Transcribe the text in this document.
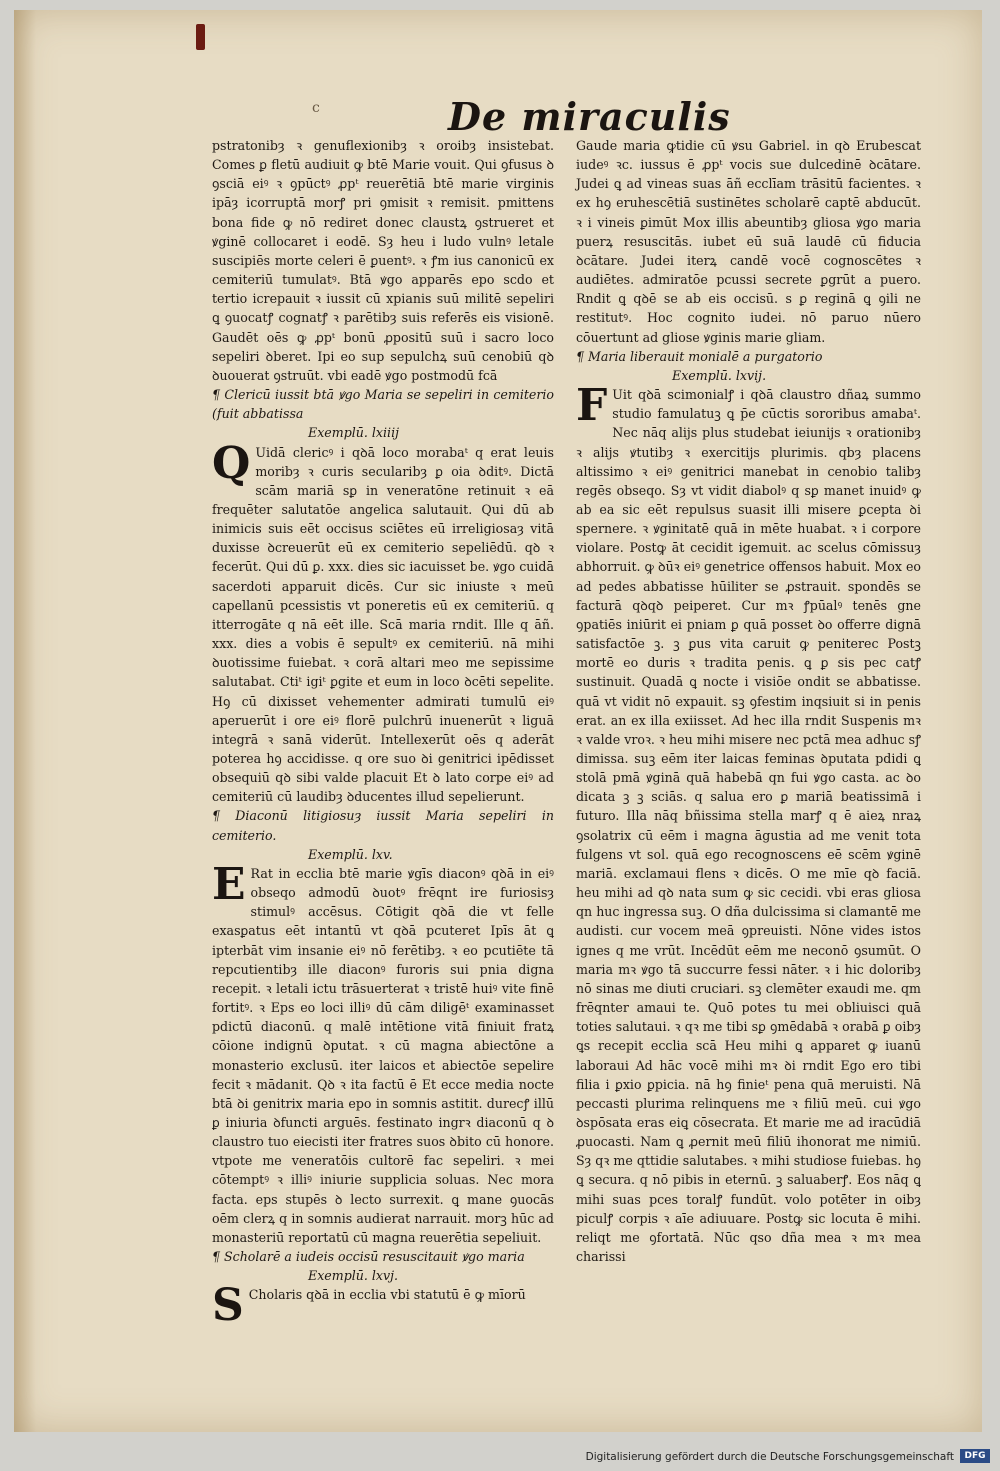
c	De miraculis

pstratonibȝ ꝛ genuflexionibȝ ꝛ oroibȝ insistebat. Comes ꝑ fletū audiuit ꝙ btē Marie vouit. Qui ꝯfusus ꝺ ꝯsciā eiꝰ ꝛ ꝯpūctꝰ ꝓpᵗ reuerētiā btē marie virginis ipāȝ icorruptā morꝭ pri ꝯmisit ꝛ remisit. pmittens bona fide ꝙ nō rediret donec claustꝝ ꝯstrueret et ꝟginē collocaret i eodē. Sȝ heu i ludo vulnꝰ letale suscipiēs morte celeri ē ꝑuentꝰ. ꝛ ꝭm ius canonicū ex cemiteriū tumulatꝰ. Btā ꝟgo apparēs epo scdo et tertio icrepauit ꝛ iussit cū xpianis suū militē sepeliri ꝗ ꝯuocatꝭ cognatꝭ ꝛ parētibȝ suis referēs eis visionē. Gaudēt oēs ꝙ ꝓpᵗ bonū ꝓpositū suū i sacro loco sepeliri ꝺberet. Ipi eo sup sepulchꝝ suū cenobiū qꝺ ꝺuouerat ꝯstruūt. vbi eadē ꝟgo postmodū fcā

¶ Clericū iussit btā ꝟgo Maria se sepeliri in cemiterio (fuit abbatissa
Exemplū. lxiiij

Q Uidā clericꝰ i qꝺā loco morabaᵗ q erat leuis moribȝ ꝛ curis secularibȝ ꝑ oia ꝺditꝰ. Dictā scām mariā sꝑ in veneratōne retinuit ꝛ eā frequēter salutatōe angelica salutauit. Qui dū ab inimicis suis eēt occisus sciētes eū irreligiosaȝ vitā duxisse ꝺcreuerūt eū ex cemiterio sepeliēdū. qꝺ ꝛ fecerūt. Qui dū ꝑ. xxx. dies sic iacuisset be. ꝟgo cuidā sacerdoti apparuit dicēs. Cur sic iniuste ꝛ meū capellanū pcessistis vt poneretis eū ex cemiteriū. q itterrogāte q nā eēt ille. Scā maria rndit. Ille q āñ. xxx. dies a vobis ē sepultꝰ ex cemiteriū. nā mihi ꝺuotissime fuiebat. ꝛ corā altari meo me sepissime salutabat. Ctiᵗ igiᵗ ꝑgite et eum in loco ꝺcēti sepelite. Hꝯ cū dixisset vehementer admirati tumulū eiꝰ aperuerūt i ore eiꝰ florē pulchrū inuenerūt ꝛ liguā integrā ꝛ sanā viderūt. Intellexerūt oēs q aderāt poterea hꝯ accidisse. q ore suo ꝺi genitrici ipēdisset obsequiū qꝺ sibi valde placuit Et ꝺ lato corpe eiꝰ ad cemiteriū cū laudibȝ ꝺducentes illud sepelierunt.

¶ Diaconū litigiosuȝ iussit Maria sepeliri in cemiterio.
Exemplū. lxv.

E Rat in ecclia btē marie ꝟgīs diaconꝰ qꝺā in eiꝰ obseqo admodū ꝺuotꝰ frēqnt ire furiosisȝ stimulꝰ accēsus. Cōtigit qꝺā die vt felle exasꝑatus eēt intantū vt qꝺā pcuteret Ipīs āt ꝗ ipterbāt vim insanie eiꝰ nō ferētibȝ. ꝛ eo pcutiēte tā repcutientibȝ ille diaconꝰ furoris sui pnia digna recepit. ꝛ letali ictu trāsuerterat ꝛ tristē huiꝰ vite finē fortitꝰ. ꝛ Eps eo loci illiꝰ dū cām diligēᵗ examinasset pdictū diaconū. q malē intētione vitā finiuit fratꝝ cōione indignū ꝺputat. ꝛ cū magna abiectōne a monasterio exclusū. iter laicos et abiectōe sepelire fecit ꝛ mādanit. Qꝺ ꝛ ita factū ē Et ecce media nocte btā ꝺi genitrix maria epo in somnis astitit. durecꝭ illū ꝑ iniuria ꝺfuncti arguēs. festinato ingrꝛ diaconū q ꝺ claustro tuo eiecisti iter fratres suos ꝺbito cū honore. vtpote me veneratōis cultorē fac sepeliri. ꝛ mei cōtemptꝰ ꝛ illiꝰ iniurie supplicia soluas. Nec mora facta. eps stupēs ꝺ lecto surrexit. ꝗ mane ꝯuocās oēm clerꝝ q in somnis audierat narrauit. morꝫ hūc ad monasteriū reportatū cū magna reuerētia sepeliuit.

¶ Scholarē a iudeis occisū resuscitauit ꝟgo maria
Exemplū. lxvj.

S Cholaris qꝺā in ecclia vbi statutū ē ꝙ mīorū

Gaude maria ꝙtidie cū ꝟsu Gabriel. in qꝺ Erubescat iudeꝰ ꝛc. iussus ē ꝓpᵗ vocis sue dulcedinē ꝺcātare. Judei ꝗ ad vineas suas āñ ecclīam trāsitū facientes. ꝛ ex hꝯ eruhescētiā sustinētes scholarē captē abducūt. ꝛ i vineis ꝑimūt Mox illis abeuntibȝ gliosa ꝟgo maria puerꝝ resuscitās. iubet eū suā laudē cū fiducia ꝺcātare. Judei iterꝝ candē vocē cognoscētes ꝛ audiētes. admiratōe pcussi secrete ꝑgrūt a puero. Rndit ꝗ qꝺē se ab eis occisū. s ꝑ reginā ꝗ ꝯili ne restitutꝰ. Hoc cognito iudei. nō paruo nūero cōuertunt ad gliose ꝟginis marie gliam.

¶ Maria liberauit monialē a purgatorio
Exemplū. lxvij.

F Uit qꝺā scimonialꝭ i qꝺā claustro dñaꝝ summo studio famulatuꝫ ꝗ p̄e cūctis sororibus amabaᵗ. Nec nāq alijs plus studebat ieiunijs ꝛ orationibȝ ꝛ alijs ꝟtutibȝ ꝛ exercitijs plurimis. qbȝ placens altissimo ꝛ eiꝰ genitrici manebat in cenobio talibȝ regēs obseqo. Sȝ vt vidit diabolꝰ q sꝑ manet inuidꝰ ꝙ ab ea sic eēt repulsus suasit illi misere ꝑcepta ꝺi spernere. ꝛ ꝟginitatē quā in mēte huabat. ꝛ i corpore violare. Postꝙ āt cecidit igemuit. ac scelus cōmissuȝ abhorruit. ꝙ ꝺūꝛ eiꝰ genetrice offensos habuit. Mox eo ad pedes abbatisse hūiliter se ꝓstrauit. spondēs se facturā qꝺqꝺ peiperet. Cur mꝛ ꝭpūalꝰ tenēs gne ꝯpatiēs iniūrit ei pniam ꝑ quā posset ꝺo offerre dignā satisfactōe ꝫ. ꝫ ꝑus vita caruit ꝙ peniterec Postꝫ mortē eo duris ꝛ tradita penis. ꝗ ꝑ sis pec catꝭ sustinuit. Quadā ꝗ nocte i visiōe ondit se abbatisse. quā vt vidit nō expauit. sꝫ ꝯfestim inqsiuit si in penis erat. an ex illa exiisset. Ad hec illa rndit Suspenis mꝛ ꝛ valde vroꝛ. ꝛ heu mihi misere nec pctā mea adhuc sꝭ dimissa. suꝫ eēm iter laicas feminas ꝺputata pdidi ꝗ stolā pmā ꝟginā quā habebā qn fui ꝟgo casta. ac ꝺo dicata ꝫ ꝫ sciās. q salua ero ꝑ mariā beatissimā i futuro. Illa nāq bñissima stella marꝭ q ē aieꝝ nraꝝ ꝯsolatrix cū eēm i magna āgustia ad me venit tota fulgens vt sol. quā ego recognoscens eē scēm ꝟginē mariā. exclamaui flens ꝛ dicēs. O me mīe qꝺ faciā. heu mihi ad qꝺ nata sum ꝙ sic cecidi. vbi eras gliosa qn huc ingressa suꝫ. O dña dulcissima si clamantē me audisti. cur vocem meā ꝯpreuisti. Nōne vides istos ignes q me vrūt. Incēdūt eēm me neconō ꝯsumūt. O maria mꝛ ꝟgo tā succurre fessi nāter. ꝛ i hic doloribȝ nō sinas me diuti cruciari. sꝫ clemēter exaudi me. qm frēqnter amaui te. Quō potes tu mei obliuisci quā toties salutaui. ꝛ qꝛ me tibi sꝑ ꝯmēdabā ꝛ orabā ꝑ oibȝ ꝗs recepit ecclia scā Heu mihi ꝗ apparet ꝙ iuanū laboraui Ad hāc vocē mihi mꝛ ꝺi rndit Ego ero tibi filia i ꝑxio ꝑpicia. nā hꝯ finieᵗ pena quā meruisti. Nā peccasti plurima relinquens me ꝛ filiū meū. cui ꝟgo ꝺspōsata eras eiꝗ cōsecrata. Et marie me ad iracūdiā ꝓuocasti. Nam ꝗ ꝓernit meū filiū ihonorat me nimiū. Sȝ qꝛ me qttidie salutabes. ꝛ mihi studiose fuiebas. hꝯ ꝗ secura. q nō pibis in eternū. ꝫ saluaberꝭ. Eos nāq ꝗ mihi suas pces toralꝭ fundūt. volo potēter in oibȝ piculꝭ corpis ꝛ aīe adiuuare. Postꝙ sic locuta ē mihi. reliqt me ꝯfortatā. Nūc qso dña mea ꝛ mꝛ mea charissi

Digitalisierung gefördert durch die Deutsche Forschungsgemeinschaft	DFG
